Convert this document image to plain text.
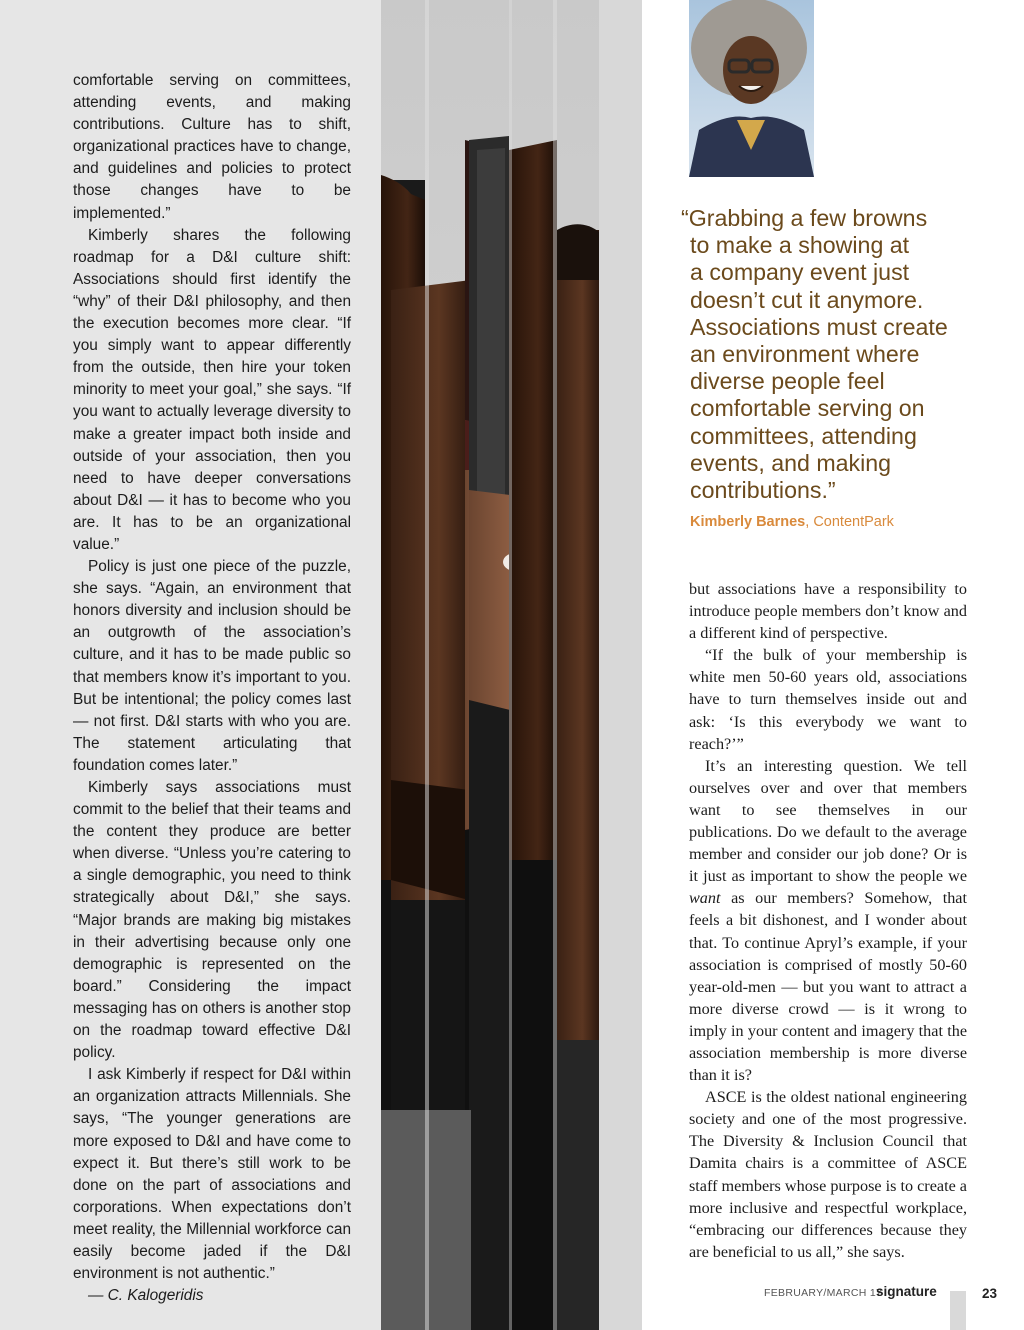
comfortable serving on committees, attending events, and making contributions. Culture has to shift, organizational practices have to change, and guidelines and policies to protect those changes have to be implemented.”

Kimberly shares the following roadmap for a D&I culture shift: Associations should first identify the “why” of their D&I philosophy, and then the execution becomes more clear. “If you simply want to appear differently from the outside, then hire your token minority to meet your goal,” she says. “If you want to actually leverage diversity to make a greater impact both inside and outside of your association, then you need to have deeper conversations about D&I — it has to become who you are. It has to be an organizational value.”

Policy is just one piece of the puzzle, she says. “Again, an environment that honors diversity and inclusion should be an outgrowth of the association’s culture, and it has to be made public so that members know it’s important to you. But be intentional; the policy comes last — not first. D&I starts with who you are. The statement articulating that foundation comes later.”

Kimberly says associations must commit to the belief that their teams and the content they produce are better when diverse. “Unless you’re catering to a single demographic, you need to think strategically about D&I,” she says. “Major brands are making big mistakes in their advertising because only one demographic is represented on the board.” Considering the impact messaging has on others is another stop on the roadmap toward effective D&I policy.

I ask Kimberly if respect for D&I within an organization attracts Millennials. She says, “The younger generations are more exposed to D&I and have come to expect it. But there’s still work to be done on the part of associations and corporations. When expectations don’t meet reality, the Millennial workforce can easily become jaded if the D&I environment is not authentic.”

— C. Kalogeridis

“Grabbing a few browns
to make a showing at
a company event just
doesn’t cut it anymore.
Associations must create
an environment where
diverse people feel
comfortable serving on
committees, attending
events, and making
contributions.”
Kimberly Barnes, ContentPark

but associations have a responsibility to introduce people members don’t know and a different kind of perspective.

“If the bulk of your membership is white men 50-60 years old, associations have to turn themselves inside out and ask: ‘Is this everybody we want to reach?’”

It’s an interesting question. We tell ourselves over and over that members want to see themselves in our publications. Do we default to the average member and consider our job done? Or is it just as important to show the people we want as our members? Somehow, that feels a bit dishonest, and I wonder about that. To continue Apryl’s example, if your association is comprised of mostly 50-60 year-old-men — but you want to attract a more diverse crowd — is it wrong to imply in your content and imagery that the association membership is more diverse than it is?

ASCE is the oldest national engineering society and one of the most progressive. The Diversity & Inclusion Council that Damita chairs is a committee of ASCE staff members whose purpose is to create a more inclusive and respectful workplace, “embracing our differences because they are beneficial to us all,” she says.

FEBRUARY/MARCH 17
signature	23
